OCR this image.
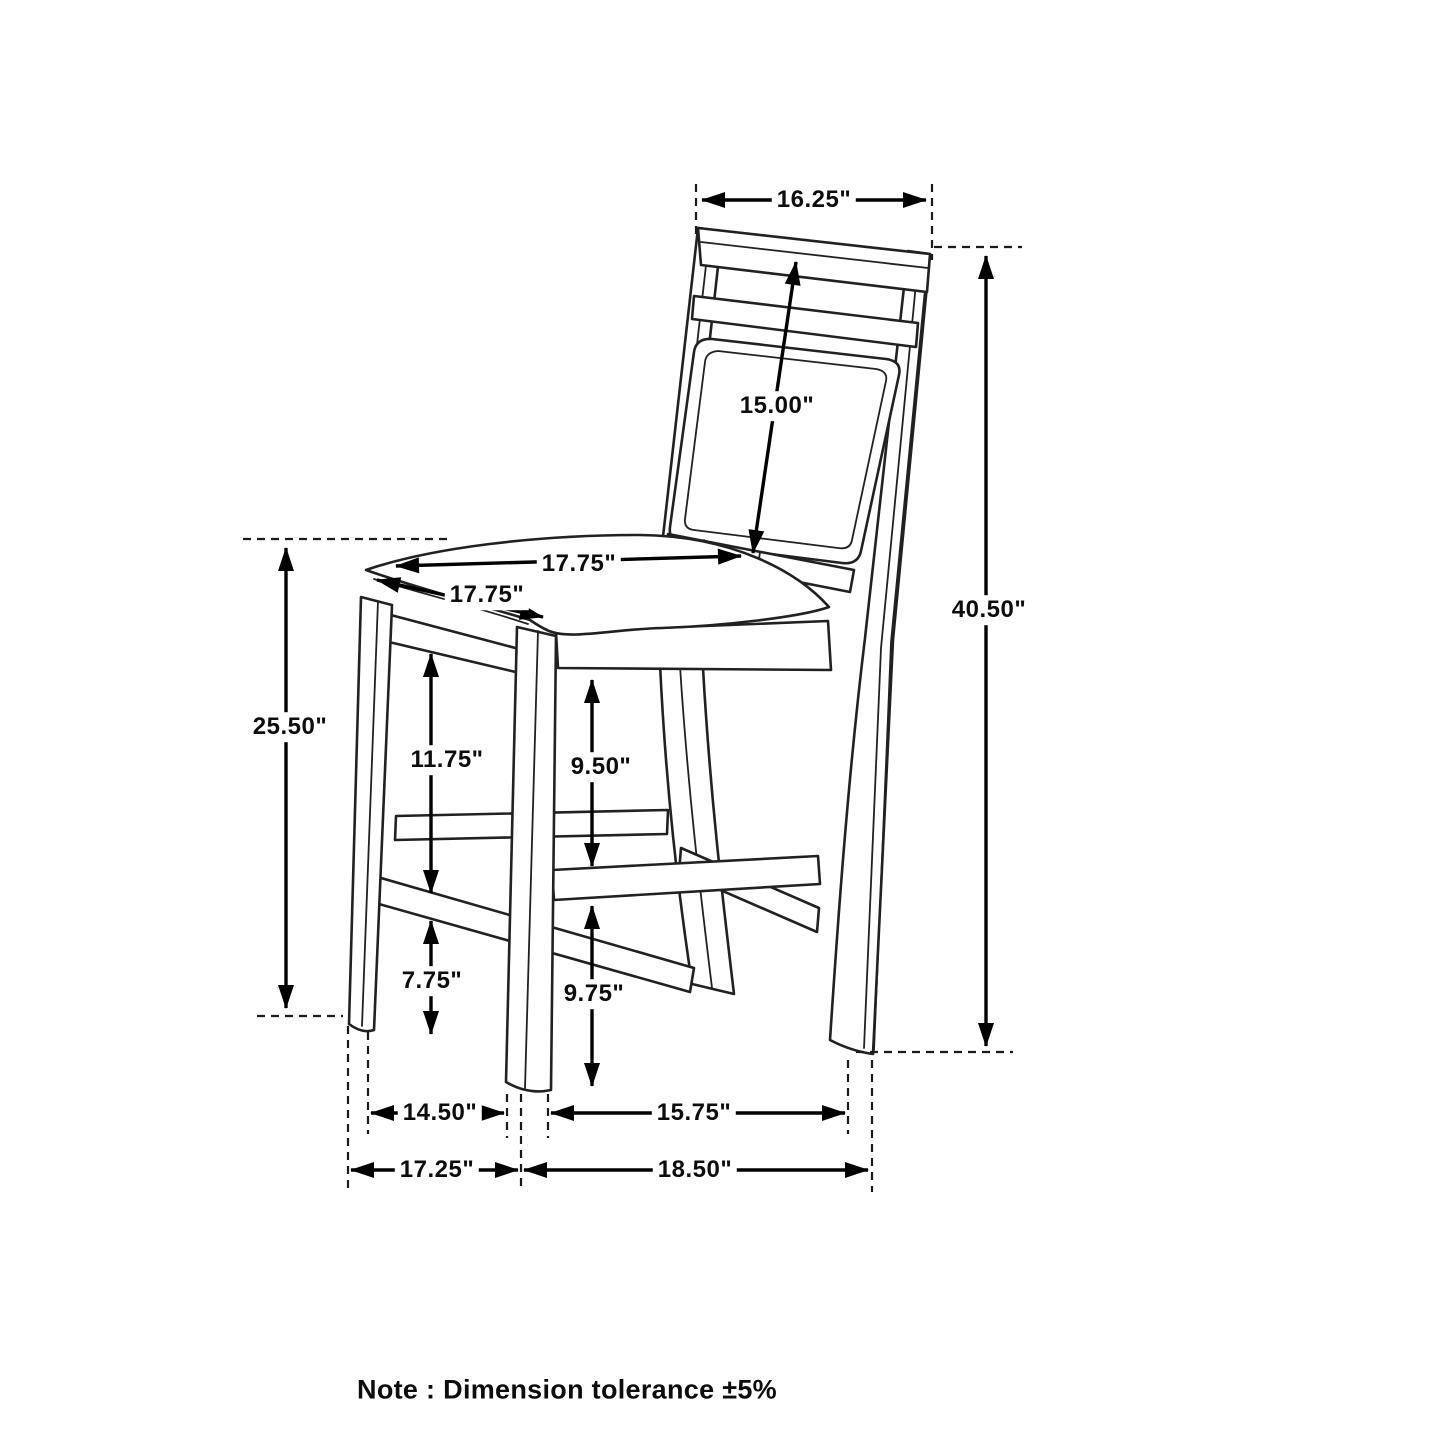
16.25"
15.00"
40.50"
17.75"
17.75"
25.50"
11.75"	9.50"
7.75"	9.75"
14.50"	15.75"
17.25"	18.50"
Note : Dimension tolerance ±5%
